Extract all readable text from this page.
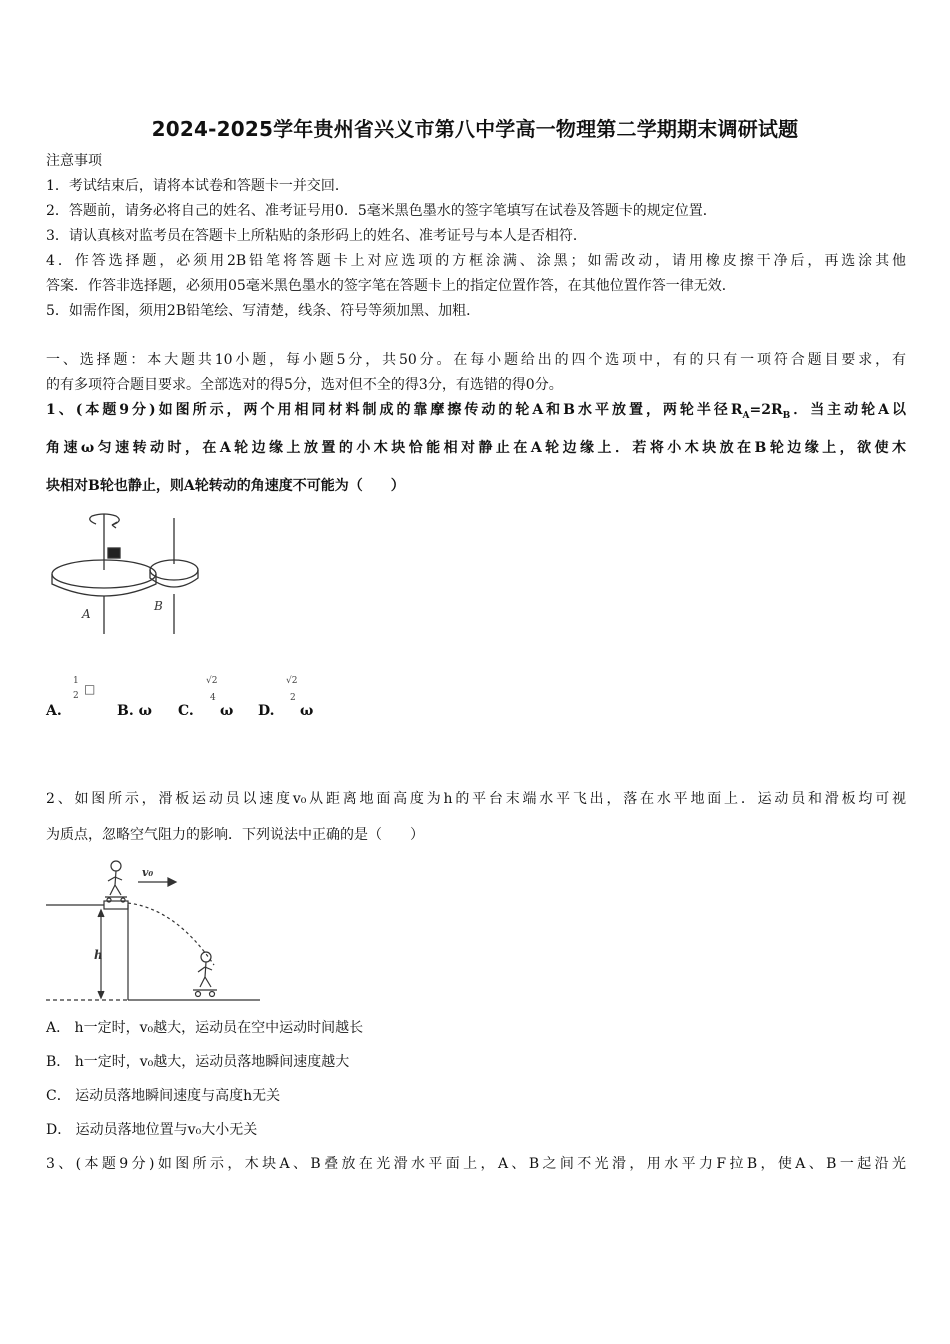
2024-2025学年贵州省兴义市第八中学高一物理第二学期期末调研试题
注意事项
1．考试结束后，请将本试卷和答题卡一并交回．
2．答题前，请务必将自己的姓名、准考证号用0．5毫米黑色墨水的签字笔填写在试卷及答题卡的规定位置．
3．请认真核对监考员在答题卡上所粘贴的条形码上的姓名、准考证号与本人是否相符．
4．作答选择题，必须用2B铅笔将答题卡上对应选项的方框涂满、涂黑；如需改动，请用橡皮擦干净后，再选涂其他
答案．作答非选择题，必须用05毫米黑色墨水的签字笔在答题卡上的指定位置作答，在其他位置作答一律无效．
5．如需作图，须用2B铅笔绘、写清楚，线条、符号等须加黑、加粗．
一、选择题：本大题共10小题，每小题5分，共50分。在每小题给出的四个选项中，有的只有一项符合题目要求，有
的有多项符合题目要求。全部选对的得5分，选对但不全的得3分，有选错的得0分。
1、(本题9分)如图所示，两个用相同材料制成的靠摩擦传动的轮A和B水平放置，两轮半径$R_A=2R_B$．当主动轮A以
角速ω匀速转动时，在A轮边缘上放置的小木块恰能相对静止在A轮边缘上．若将小木块放在B轮边缘上，欲使木
块相对B轮也静止，则A轮转动的角速度不可能为（　　）
A
B
A.
1
2 □
B. ω C.
√2
4
ω D.
√2
2
ω
2、如图所示，滑板运动员以速度v₀从距离地面高度为h的平台末端水平飞出，落在水平地面上．运动员和滑板均可视
为质点，忽略空气阻力的影响．下列说法中正确的是（　　）
v₀
h
A． h一定时，v₀越大，运动员在空中运动时间越长
B． h一定时，v₀越大，运动员落地瞬间速度越大
C． 运动员落地瞬间速度与高度h无关
D． 运动员落地位置与v₀大小无关
3、(本题9分)如图所示，木块A、B叠放在光滑水平面上，A、B之间不光滑，用水平力F拉B，使A、B一起沿光
